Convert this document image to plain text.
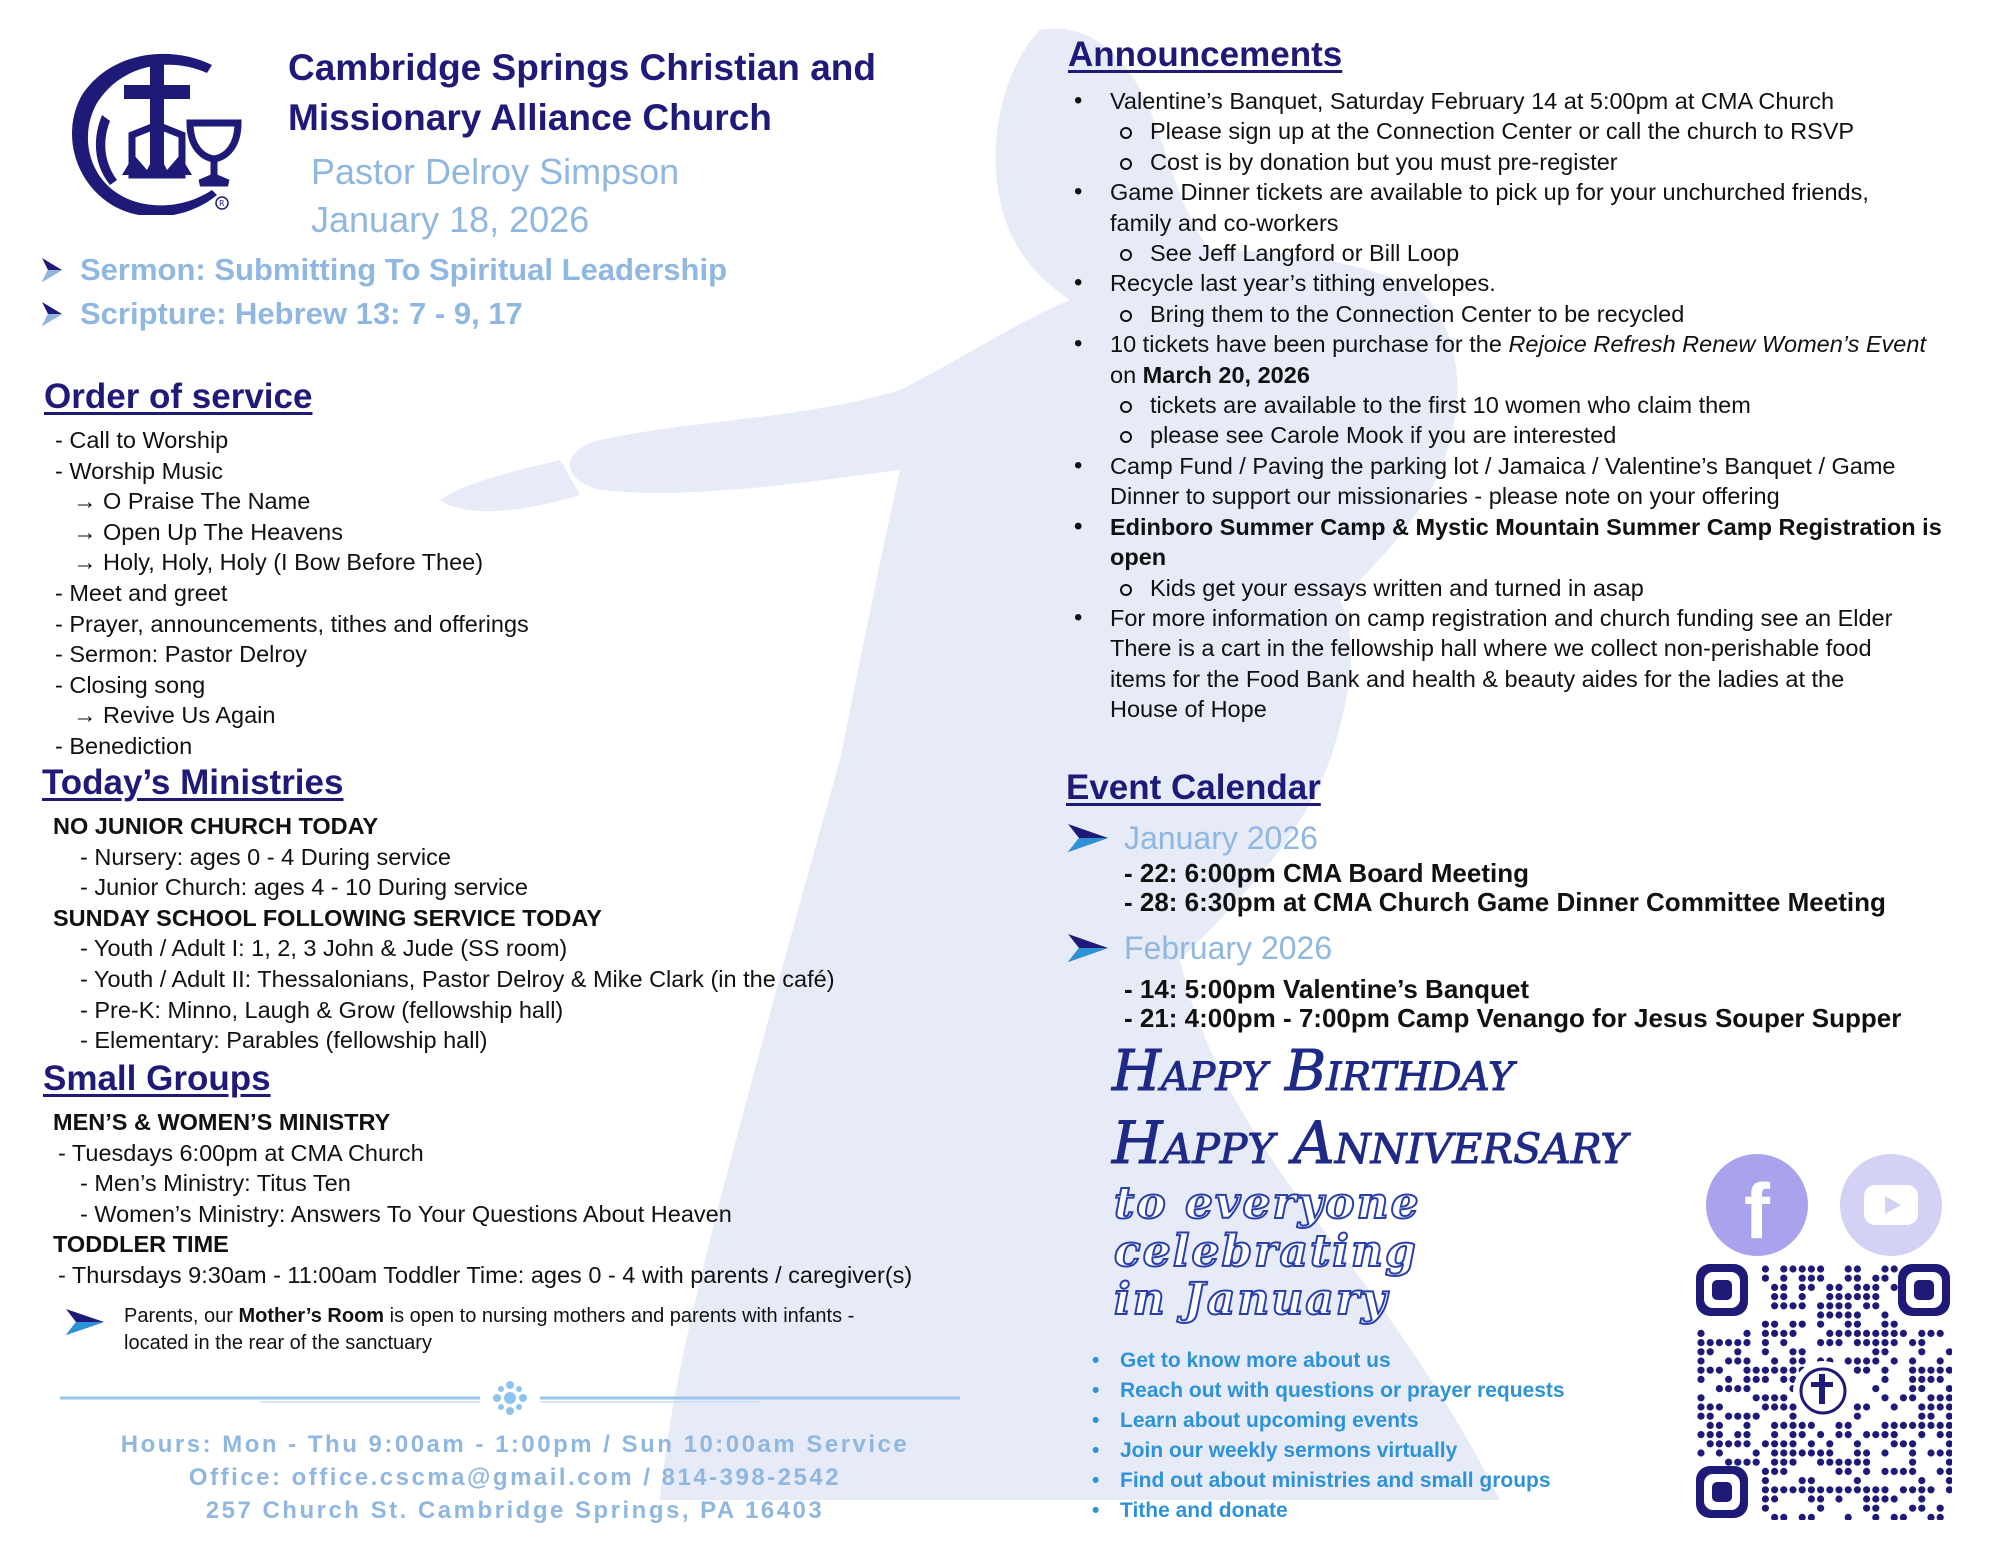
R
Cambridge Springs Christian and
Missionary Alliance Church
Pastor Delroy Simpson
January 18, 2026
Sermon: Submitting To Spiritual Leadership
Scripture: Hebrew 13: 7 - 9, 17
Order of service
- Call to Worship
- Worship Music
→ O Praise The Name
→ Open Up The Heavens
→ Holy, Holy, Holy (I Bow Before Thee)
- Meet and greet
- Prayer, announcements, tithes and offerings
- Sermon: Pastor Delroy
- Closing song
→ Revive Us Again
- Benediction
Today’s Ministries
NO JUNIOR CHURCH TODAY
- Nursery: ages 0 - 4 During service
- Junior Church: ages 4 - 10 During service
SUNDAY SCHOOL FOLLOWING SERVICE TODAY
- Youth / Adult I: 1, 2, 3 John & Jude (SS room)
- Youth / Adult II: Thessalonians, Pastor Delroy & Mike Clark (in the café)
- Pre-K: Minno, Laugh & Grow (fellowship hall)
- Elementary: Parables (fellowship hall)
Small Groups
MEN’S & WOMEN’S MINISTRY
- Tuesdays 6:00pm at CMA Church
- Men’s Ministry: Titus Ten
- Women’s Ministry: Answers To Your Questions About Heaven
TODDLER TIME
- Thursdays 9:30am - 11:00am Toddler Time: ages 0 - 4 with parents / caregiver(s)
Parents, our Mother’s Room is open to nursing mothers and parents with infants -
located in the rear of the sanctuary
Hours: Mon - Thu 9:00am - 1:00pm / Sun 10:00am Service
Office: office.cscma@gmail.com / 814-398-2542
257 Church St. Cambridge Springs, PA 16403
Announcements
• Valentine’s Banquet, Saturday February 14 at 5:00pm at CMA Church
Please sign up at the Connection Center or call the church to RSVP
Cost is by donation but you must pre-register
• Game Dinner tickets are available to pick up for your unchurched friends,
family and co-workers
See Jeff Langford or Bill Loop
• Recycle last year’s tithing envelopes.
Bring them to the Connection Center to be recycled
• 10 tickets have been purchase for the Rejoice Refresh Renew Women’s Event
on March 20, 2026
tickets are available to the first 10 women who claim them
please see Carole Mook if you are interested
• Camp Fund / Paving the parking lot / Jamaica / Valentine’s Banquet / Game
Dinner to support our missionaries - please note on your offering
• Edinboro Summer Camp & Mystic Mountain Summer Camp Registration is
open
Kids get your essays written and turned in asap
• For more information on camp registration and church funding see an Elder
There is a cart in the fellowship hall where we collect non-perishable food
items for the Food Bank and health & beauty aides for the ladies at the
House of Hope
Event Calendar
January 2026
- 22: 6:00pm CMA Board Meeting
- 28: 6:30pm at CMA Church Game Dinner Committee Meeting
February 2026
- 14: 5:00pm Valentine’s Banquet
- 21: 4:00pm - 7:00pm Camp Venango for Jesus Souper Supper
Happy Birthday
Happy Anniversary
to everyone
celebrating
in January
• Get to know more about us
• Reach out with questions or prayer requests
• Learn about upcoming events
• Join our weekly sermons virtually
• Find out about ministries and small groups
• Tithe and donate
f
